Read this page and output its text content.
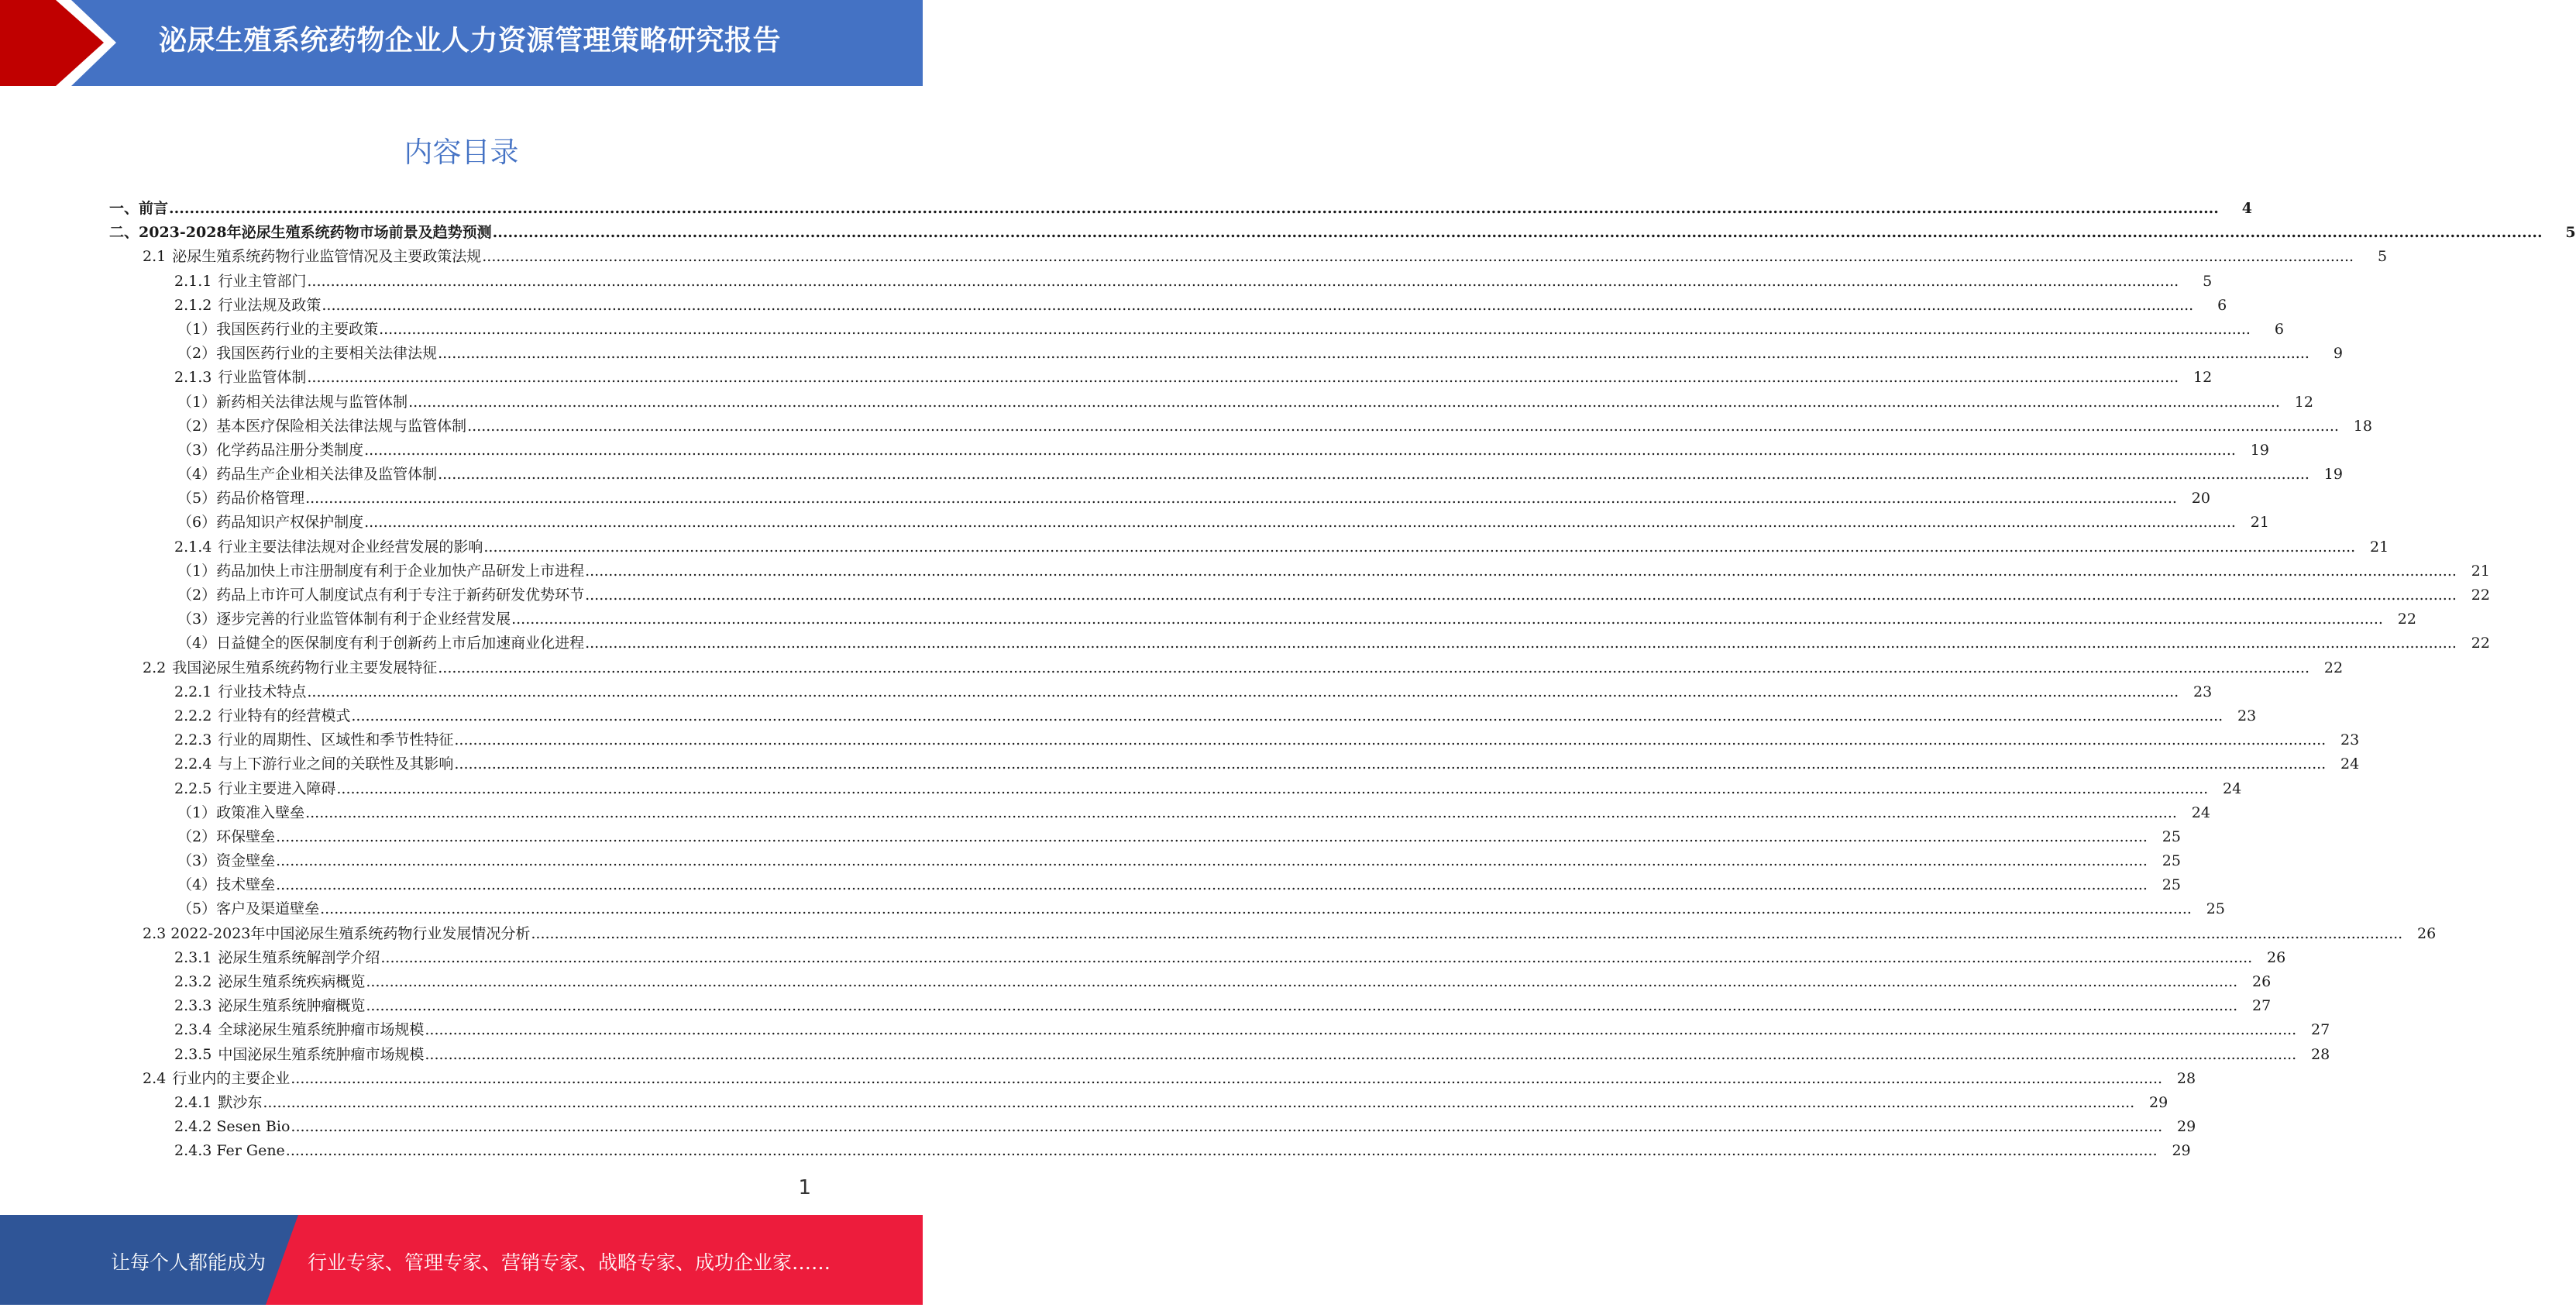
泌尿生殖系统药物企业人力资源管理策略研究报告
内容目录
一、前言 ................................................................................................................................................................................................................................................................................................................................................................................................................	4
二、2023-2028年泌尿生殖系统药物市场前景及趋势预测 ................................................................................................................................................................................................................................................................................................................................................................................................................	5
2.1 泌尿生殖系统药物行业监管情况及主要政策法规 ................................................................................................................................................................................................................................................................................................................................................................................................................	5
2.1.1 行业主管部门 ................................................................................................................................................................................................................................................................................................................................................................................................................	5
2.1.2 行业法规及政策 ................................................................................................................................................................................................................................................................................................................................................................................................................	6
（1）我国医药行业的主要政策 ................................................................................................................................................................................................................................................................................................................................................................................................................	6
（2）我国医药行业的主要相关法律法规 ................................................................................................................................................................................................................................................................................................................................................................................................................	9
2.1.3 行业监管体制 ................................................................................................................................................................................................................................................................................................................................................................................................................ 12
（1）新药相关法律法规与监管体制 ................................................................................................................................................................................................................................................................................................................................................................................................................ 12
（2）基本医疗保险相关法律法规与监管体制 ................................................................................................................................................................................................................................................................................................................................................................................................................ 18
（3）化学药品注册分类制度 ................................................................................................................................................................................................................................................................................................................................................................................................................ 19
（4）药品生产企业相关法律及监管体制 ................................................................................................................................................................................................................................................................................................................................................................................................................ 19
（5）药品价格管理 ................................................................................................................................................................................................................................................................................................................................................................................................................ 20
（6）药品知识产权保护制度 ................................................................................................................................................................................................................................................................................................................................................................................................................ 21
2.1.4 行业主要法律法规对企业经营发展的影响 ................................................................................................................................................................................................................................................................................................................................................................................................................ 21
（1）药品加快上市注册制度有利于企业加快产品研发上市进程 ................................................................................................................................................................................................................................................................................................................................................................................................................ 21
（2）药品上市许可人制度试点有利于专注于新药研发优势环节 ................................................................................................................................................................................................................................................................................................................................................................................................................ 22
（3）逐步完善的行业监管体制有利于企业经营发展 ................................................................................................................................................................................................................................................................................................................................................................................................................ 22
（4）日益健全的医保制度有利于创新药上市后加速商业化进程 ................................................................................................................................................................................................................................................................................................................................................................................................................ 22
2.2 我国泌尿生殖系统药物行业主要发展特征 ................................................................................................................................................................................................................................................................................................................................................................................................................ 22
2.2.1 行业技术特点 ................................................................................................................................................................................................................................................................................................................................................................................................................ 23
2.2.2 行业特有的经营模式 ................................................................................................................................................................................................................................................................................................................................................................................................................ 23
2.2.3 行业的周期性、区域性和季节性特征 ................................................................................................................................................................................................................................................................................................................................................................................................................ 23
2.2.4 与上下游行业之间的关联性及其影响 ................................................................................................................................................................................................................................................................................................................................................................................................................ 24
2.2.5 行业主要进入障碍 ................................................................................................................................................................................................................................................................................................................................................................................................................ 24
（1）政策准入壁垒 ................................................................................................................................................................................................................................................................................................................................................................................................................ 24
（2）环保壁垒 ................................................................................................................................................................................................................................................................................................................................................................................................................ 25
（3）资金壁垒 ................................................................................................................................................................................................................................................................................................................................................................................................................ 25
（4）技术壁垒 ................................................................................................................................................................................................................................................................................................................................................................................................................ 25
（5）客户及渠道壁垒 ................................................................................................................................................................................................................................................................................................................................................................................................................ 25
2.3 2022-2023年中国泌尿生殖系统药物行业发展情况分析 ................................................................................................................................................................................................................................................................................................................................................................................................................ 26
2.3.1 泌尿生殖系统解剖学介绍 ................................................................................................................................................................................................................................................................................................................................................................................................................ 26
2.3.2 泌尿生殖系统疾病概览 ................................................................................................................................................................................................................................................................................................................................................................................................................ 26
2.3.3 泌尿生殖系统肿瘤概览 ................................................................................................................................................................................................................................................................................................................................................................................................................ 27
2.3.4 全球泌尿生殖系统肿瘤市场规模 ................................................................................................................................................................................................................................................................................................................................................................................................................ 27
2.3.5 中国泌尿生殖系统肿瘤市场规模 ................................................................................................................................................................................................................................................................................................................................................................................................................ 28
2.4 行业内的主要企业 ................................................................................................................................................................................................................................................................................................................................................................................................................ 28
2.4.1 默沙东 ................................................................................................................................................................................................................................................................................................................................................................................................................ 29
2.4.2 Sesen Bio ................................................................................................................................................................................................................................................................................................................................................................................................................ 29
2.4.3 Fer Gene ................................................................................................................................................................................................................................................................................................................................................................................................................ 29
1
让每个人都能成为 行业专家、管理专家、营销专家、战略专家、成功企业家……
